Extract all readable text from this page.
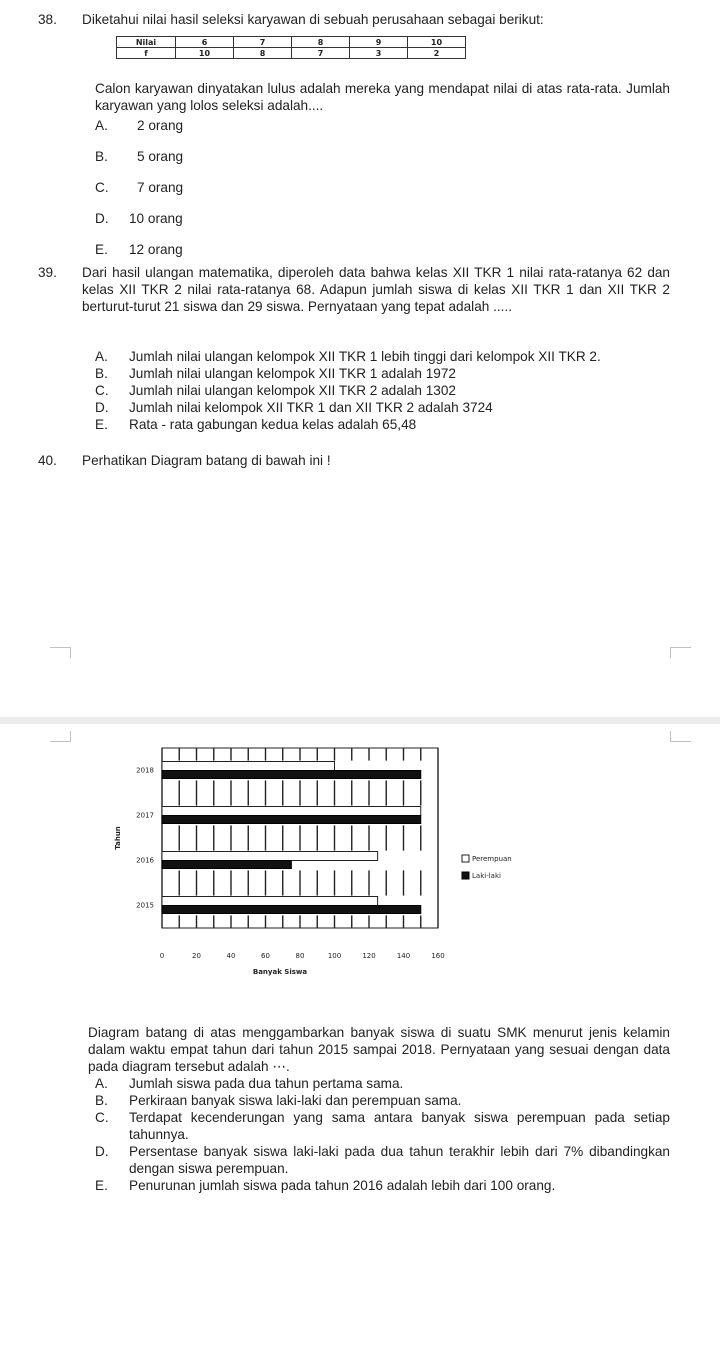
38. Diketahui nilai hasil seleksi karyawan di sebuah perusahaan sebagai berikut:
Nilai	6	7	8	9	10
f	10	8	7	3	2
Calon karyawan dinyatakan lulus adalah mereka yang mendapat nilai di atas rata-rata. Jumlah karyawan yang lolos seleksi adalah....
A. 2 orang
B. 5 orang
C. 7 orang
D. 10 orang
E. 12 orang
39. Dari hasil ulangan matematika, diperoleh data bahwa kelas XII TKR 1 nilai rata-ratanya 62 dan kelas XII TKR 2 nilai rata-ratanya 68. Adapun jumlah siswa di kelas XII TKR 1 dan XII TKR 2 berturut-turut 21 siswa dan 29 siswa. Pernyataan yang tepat adalah .....
A. Jumlah nilai ulangan kelompok XII TKR 1 lebih tinggi dari kelompok XII TKR 2.
B. Jumlah nilai ulangan kelompok XII TKR 1 adalah 1972
C. Jumlah nilai ulangan kelompok XII TKR 2 adalah 1302
D. Jumlah nilai kelompok XII TKR 1 dan XII TKR 2 adalah 3724
E. Rata - rata gabungan kedua kelas adalah 65,48
40. Perhatikan Diagram batang di bawah ini !
2015
2016
2017
2018
0	20	40	60	80	100	120	140	160
Banyak Siswa
Tahun
Perempuan
Laki-laki
Diagram batang di atas menggambarkan banyak siswa di suatu SMK menurut jenis kelamin dalam waktu empat tahun dari tahun 2015 sampai 2018. Pernyataan yang sesuai dengan data pada diagram tersebut adalah ⋯.
A.	Jumlah siswa pada dua tahun pertama sama.
B.	Perkiraan banyak siswa laki-laki dan perempuan sama.
C.	Terdapat kecenderungan yang sama antara banyak siswa perempuan pada setiap tahunnya.
D.	Persentase banyak siswa laki-laki pada dua tahun terakhir lebih dari 7% dibandingkan dengan siswa perempuan.
E.	Penurunan jumlah siswa pada tahun 2016 adalah lebih dari 100 orang.
